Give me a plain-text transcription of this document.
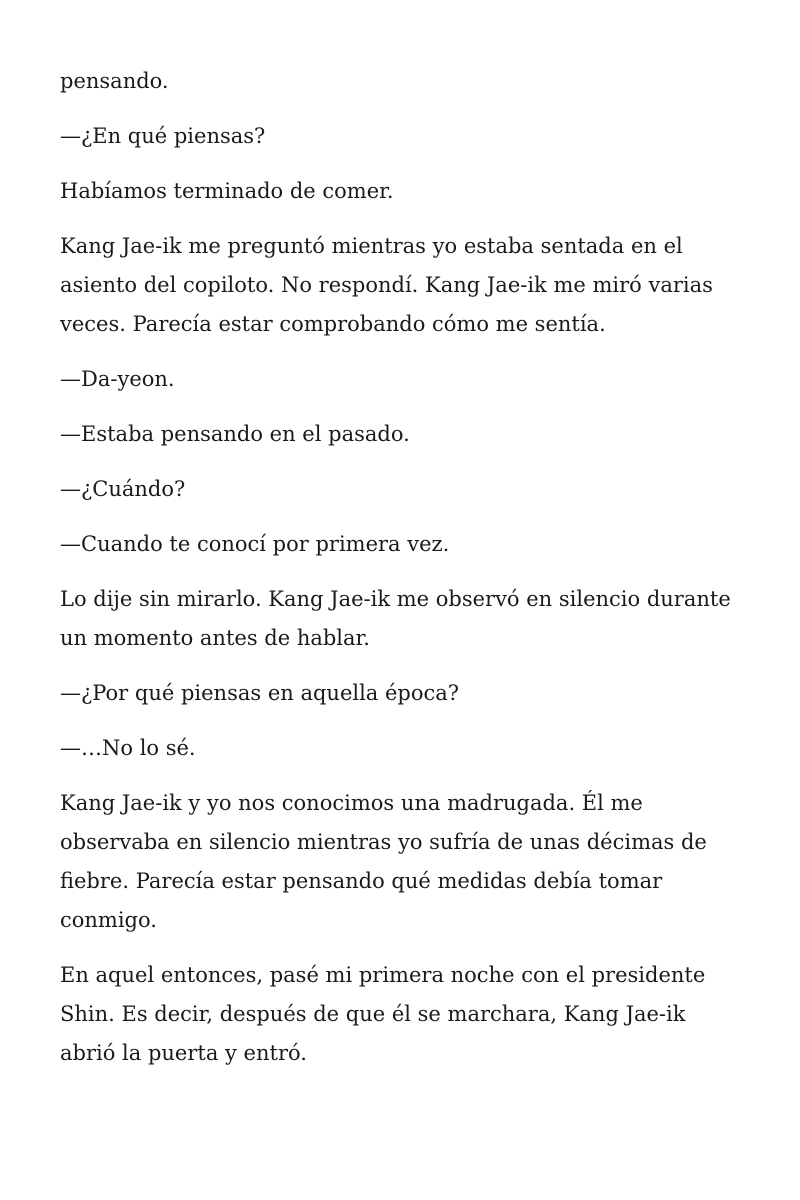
pensando.

—¿En qué piensas?

Habíamos terminado de comer.

Kang Jae-ik me preguntó mientras yo estaba sentada en el asiento del copiloto. No respondí. Kang Jae-ik me miró varias veces. Parecía estar comprobando cómo me sentía.

—Da-yeon.

—Estaba pensando en el pasado.

—¿Cuándo?

—Cuando te conocí por primera vez.

Lo dije sin mirarlo. Kang Jae-ik me observó en silencio durante un momento antes de hablar.

—¿Por qué piensas en aquella época?

—…No lo sé.

Kang Jae-ik y yo nos conocimos una madrugada. Él me observaba en silencio mientras yo sufría de unas décimas de fiebre. Parecía estar pensando qué medidas debía tomar conmigo.

En aquel entonces, pasé mi primera noche con el presidente Shin. Es decir, después de que él se marchara, Kang Jae-ik abrió la puerta y entró.
